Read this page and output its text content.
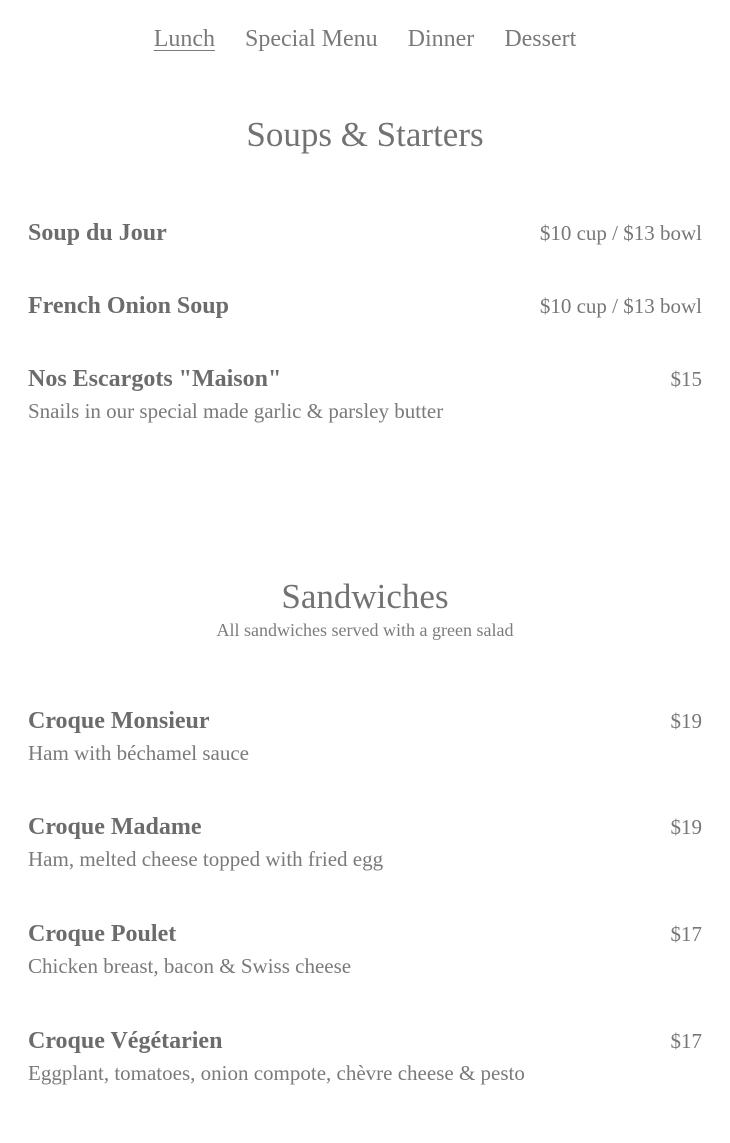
Lunch	Special Menu	Dinner	Dessert
Soups & Starters
Soup du Jour	$10 cup / $13 bowl
French Onion Soup	$10 cup / $13 bowl
Nos Escargots "Maison"	$15
Snails in our special made garlic & parsley butter
Sandwiches
All sandwiches served with a green salad
Croque Monsieur	$19
Ham with béchamel sauce
Croque Madame	$19
Ham, melted cheese topped with fried egg
Croque Poulet	$17
Chicken breast, bacon & Swiss cheese
Croque Végétarien	$17
Eggplant, tomatoes, onion compote, chèvre cheese & pesto
